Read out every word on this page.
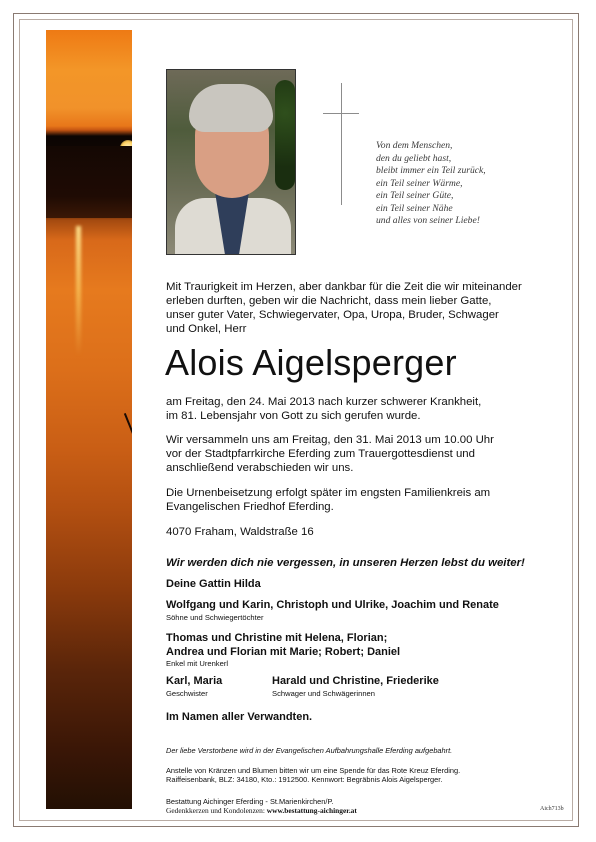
Von dem Menschen,
den du geliebt hast,
bleibt immer ein Teil zurück,
ein Teil seiner Wärme,
ein Teil seiner Güte,
ein Teil seiner Nähe
und alles von seiner Liebe!
Mit Traurigkeit im Herzen, aber dankbar für die Zeit die wir miteinander
erleben durften, geben wir die Nachricht, dass mein lieber Gatte,
unser guter Vater, Schwiegervater, Opa, Uropa, Bruder, Schwager
und Onkel, Herr
Alois Aigelsperger
am Freitag, den 24. Mai 2013 nach kurzer schwerer Krankheit,
im 81. Lebensjahr von Gott zu sich gerufen wurde.
Wir versammeln uns am Freitag, den 31. Mai 2013 um 10.00 Uhr
vor der Stadtpfarrkirche Eferding zum Trauergottesdienst und
anschließend verabschieden wir uns.
Die Urnenbeisetzung erfolgt später im engsten Familienkreis am
Evangelischen Friedhof Eferding.
4070 Fraham, Waldstraße 16
Wir werden dich nie vergessen, in unseren Herzen lebst du weiter!
Deine Gattin Hilda
Wolfgang und Karin, Christoph und Ulrike, Joachim und Renate
Söhne und Schwiegertöchter
Thomas und Christine mit Helena, Florian;
Andrea und Florian mit Marie; Robert; Daniel
Enkel mit Urenkerl
Karl, Maria
Geschwister
Harald und Christine, Friederike
Schwager und Schwägerinnen
Im Namen aller Verwandten.
Der liebe Verstorbene wird in der Evangelischen Aufbahrungshalle Eferding aufgebahrt.
Anstelle von Kränzen und Blumen bitten wir um eine Spende für das Rote Kreuz Eferding.
Raiffeisenbank, BLZ: 34180, Kto.: 1912500. Kennwort: Begräbnis Alois Aigelsperger.
Bestattung Aichinger Eferding - St.Marienkirchen/P.
Gedenkkerzen und Kondolenzen: www.bestattung-aichinger.at	Aich713b
